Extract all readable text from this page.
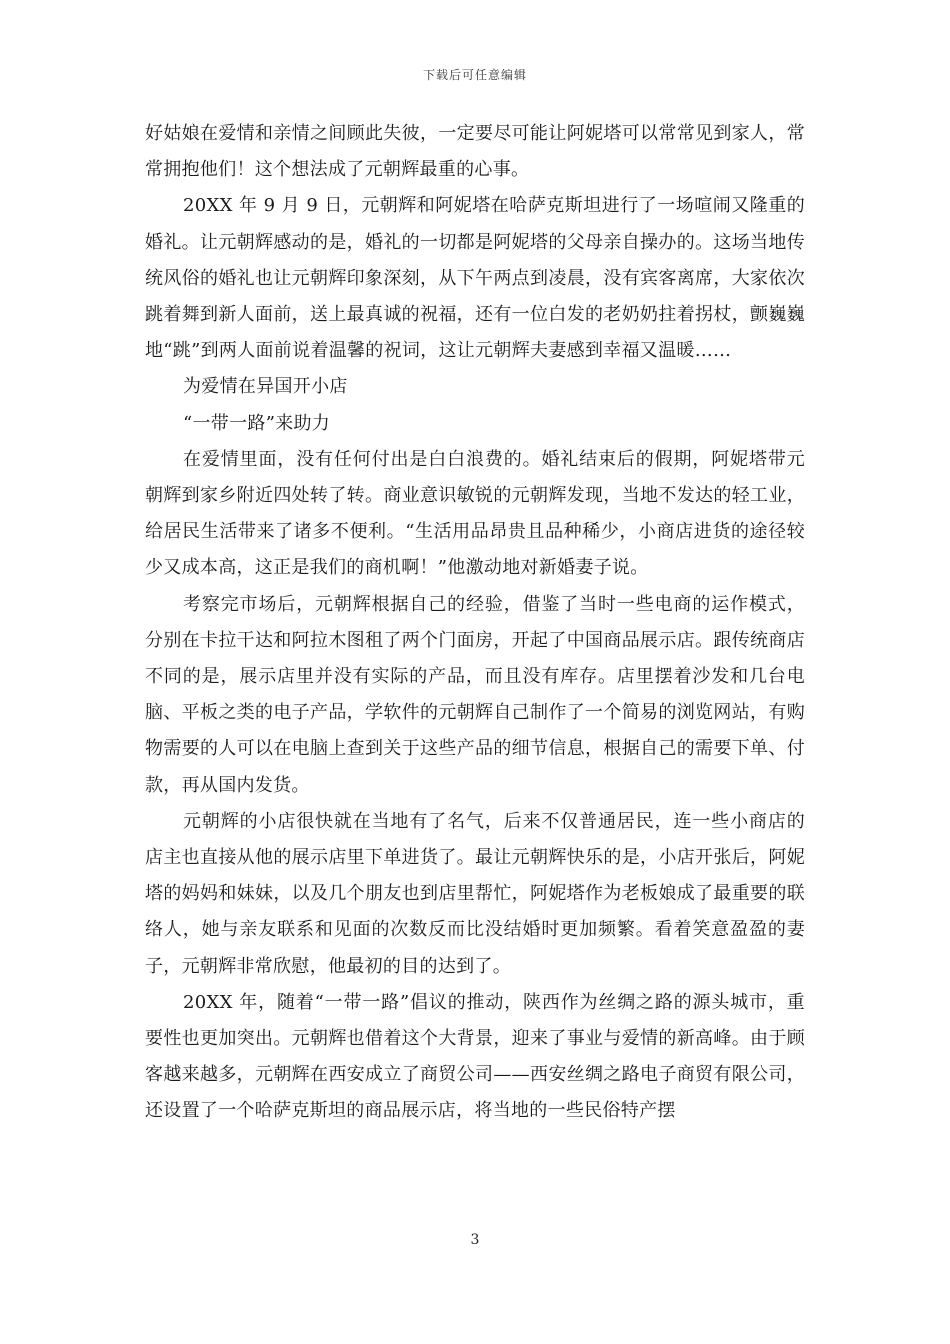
下载后可任意编辑

好姑娘在爱情和亲情之间顾此失彼，一定要尽可能让阿妮塔可以常常见到家人，常常拥抱他们！这个想法成了元朝辉最重的心事。

20XX 年 9 月 9 日，元朝辉和阿妮塔在哈萨克斯坦进行了一场喧闹又隆重的婚礼。让元朝辉感动的是，婚礼的一切都是阿妮塔的父母亲自操办的。这场当地传统风俗的婚礼也让元朝辉印象深刻，从下午两点到凌晨，没有宾客离席，大家依次跳着舞到新人面前，送上最真诚的祝福，还有一位白发的老奶奶拄着拐杖，颤巍巍地“跳”到两人面前说着温馨的祝词，这让元朝辉夫妻感到幸福又温暖……

为爱情在异国开小店

“一带一路”来助力

在爱情里面，没有任何付出是白白浪费的。婚礼结束后的假期，阿妮塔带元朝辉到家乡附近四处转了转。商业意识敏锐的元朝辉发现，当地不发达的轻工业，给居民生活带来了诸多不便利。“生活用品昂贵且品种稀少，小商店进货的途径较少又成本高，这正是我们的商机啊！”他激动地对新婚妻子说。

考察完市场后，元朝辉根据自己的经验，借鉴了当时一些电商的运作模式，分别在卡拉干达和阿拉木图租了两个门面房，开起了中国商品展示店。跟传统商店不同的是，展示店里并没有实际的产品，而且没有库存。店里摆着沙发和几台电脑、平板之类的电子产品，学软件的元朝辉自己制作了一个简易的浏览网站，有购物需要的人可以在电脑上查到关于这些产品的细节信息，根据自己的需要下单、付款，再从国内发货。

元朝辉的小店很快就在当地有了名气，后来不仅普通居民，连一些小商店的店主也直接从他的展示店里下单进货了。最让元朝辉快乐的是，小店开张后，阿妮塔的妈妈和妹妹，以及几个朋友也到店里帮忙，阿妮塔作为老板娘成了最重要的联络人，她与亲友联系和见面的次数反而比没结婚时更加频繁。看着笑意盈盈的妻子，元朝辉非常欣慰，他最初的目的达到了。

20XX 年，随着“一带一路”倡议的推动，陕西作为丝绸之路的源头城市，重要性也更加突出。元朝辉也借着这个大背景，迎来了事业与爱情的新高峰。由于顾客越来越多，元朝辉在西安成立了商贸公司——西安丝绸之路电子商贸有限公司，还设置了一个哈萨克斯坦的商品展示店，将当地的一些民俗特产摆

3
